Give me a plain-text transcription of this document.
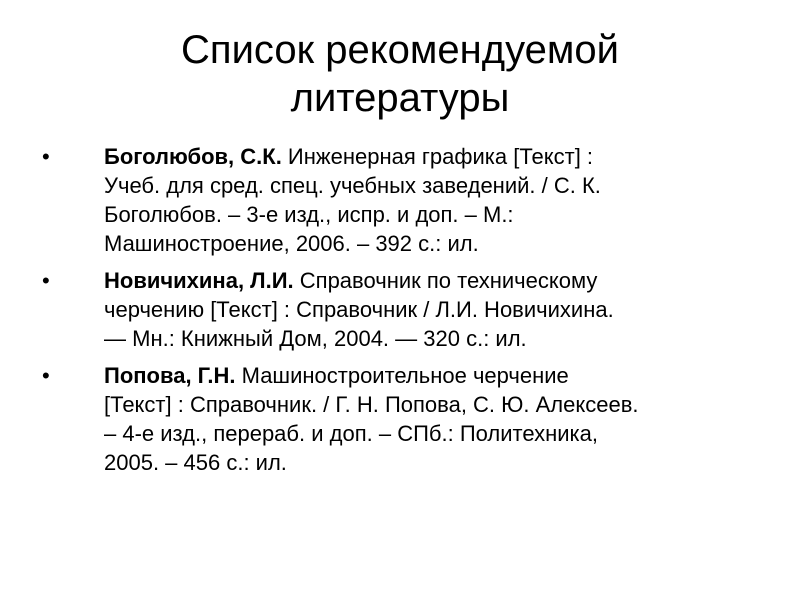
Список рекомендуемой
литературы
•	Боголюбов, С.К. Инженерная графика [Текст] :
Учеб. для сред. спец. учебных заведений. / С. К.
Боголюбов. – 3-е изд., испр. и доп. – М.:
Машиностроение, 2006. – 392 с.: ил.
•	Новичихина, Л.И. Справочник по техническому
черчению [Текст] : Справочник / Л.И. Новичихина.
— Мн.: Книжный Дом, 2004. — 320 с.: ил.
•	Попова, Г.Н. Машиностроительное черчение
[Текст] : Справочник. / Г. Н. Попова, С. Ю. Алексеев.
– 4-е изд., перераб. и доп. – СПб.: Политехника,
2005. – 456 с.: ил.
